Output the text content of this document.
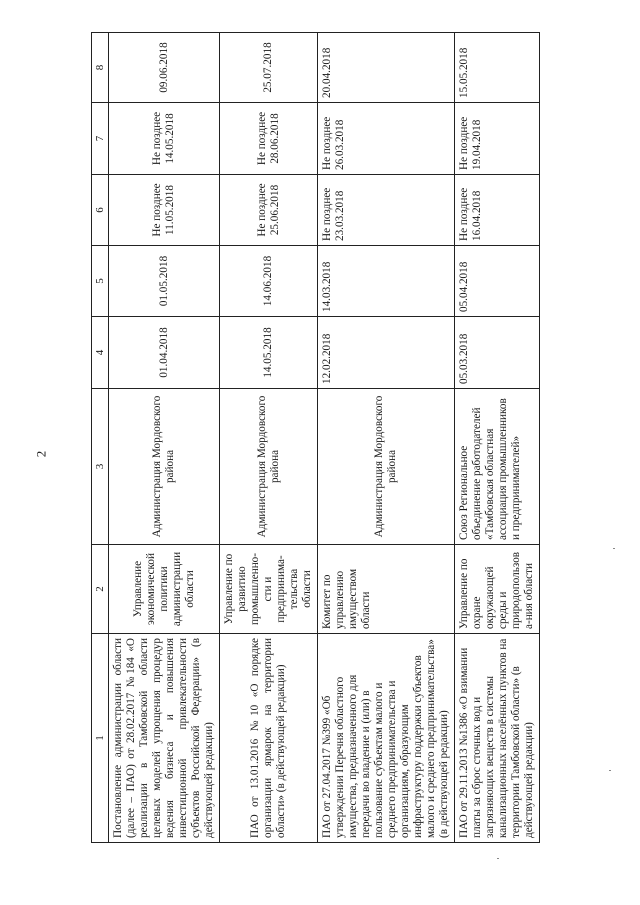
2
1	2	3	4	5	6	7	8
Постановление администрации области (далее – ПАО) от 28.02.2017 №184 «О реализации в Тамбовской области целевых моделей упрощения процедур ведения бизнеса и повышения инвестиционной привлекательности субъектов Российской Федерации» (в действующей редакции)	Управление экономической политики администрации области	Администрация Мордовского района	01.04.2018	01.05.2018	Не позднее 11.05.2018	Не позднее 14.05.2018	09.06.2018
ПАО от 13.01.2016 №10 «О порядке организации ярмарок на территории области» (в действующей редакции)	Управление по развитию промышленно-сти и предпринима-тельства области	Администрация Мордовского района	14.05.2018	14.06.2018	Не позднее 25.06.2018	Не позднее 28.06.2018	25.07.2018
ПАО от 27.04.2017 №399 «Об утверждении Перечня областного имущества, предназначенного для передачи во владение и (или) в пользование субъектам малого и среднего предпринимательства и организациям, образующим инфраструктуру поддержки субъектов малого и среднего предпринимательства» (в действующей редакции)	Комитет по управлению имуществом области	Администрация Мордовского района	12.02.2018	14.03.2018	Не позднее 23.03.2018	Не позднее 26.03.2018	20.04.2018
ПАО от 29.11.2013 №1386 «О взимании платы за сброс сточных вод и загрязняющих веществ в системы канализационных населённых пунктов на территории Тамбовской области» (в действующей редакции)	Управление по охране окружающей среды и природопользова-ния области	Союз Региональное объединение работодателей «Тамбовская областная ассоциация промышленников и предпринимателей»	05.03.2018	05.04.2018	Не позднее 16.04.2018	Не позднее 19.04.2018	15.05.2018
